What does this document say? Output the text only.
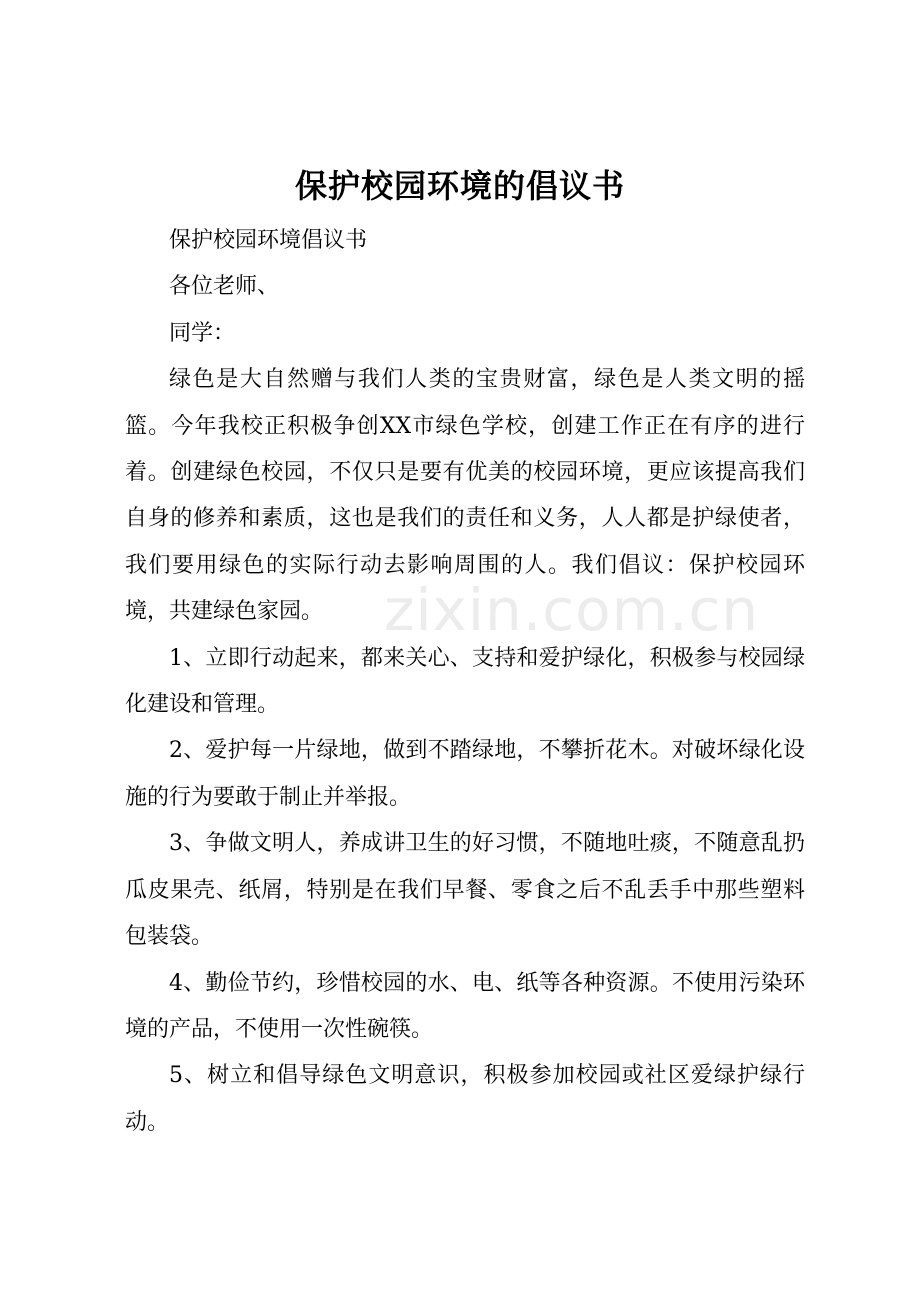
保护校园环境的倡议书

保护校园环境倡议书

各位老师、

同学：

绿色是大自然赠与我们人类的宝贵财富，绿色是人类文明的摇篮。今年我校正积极争创XX市绿色学校，创建工作正在有序的进行着。创建绿色校园，不仅只是要有优美的校园环境，更应该提高我们自身的修养和素质，这也是我们的责任和义务，人人都是护绿使者，我们要用绿色的实际行动去影响周围的人。我们倡议：保护校园环境，共建绿色家园。

1、立即行动起来，都来关心、支持和爱护绿化，积极参与校园绿化建设和管理。

2、爱护每一片绿地，做到不踏绿地，不攀折花木。对破坏绿化设施的行为要敢于制止并举报。

3、争做文明人，养成讲卫生的好习惯，不随地吐痰，不随意乱扔瓜皮果壳、纸屑，特别是在我们早餐、零食之后不乱丢手中那些塑料包装袋。

4、勤俭节约，珍惜校园的水、电、纸等各种资源。不使用污染环境的产品，不使用一次性碗筷。

5、树立和倡导绿色文明意识，积极参加校园或社区爱绿护绿行动。

zixin.com.cn
